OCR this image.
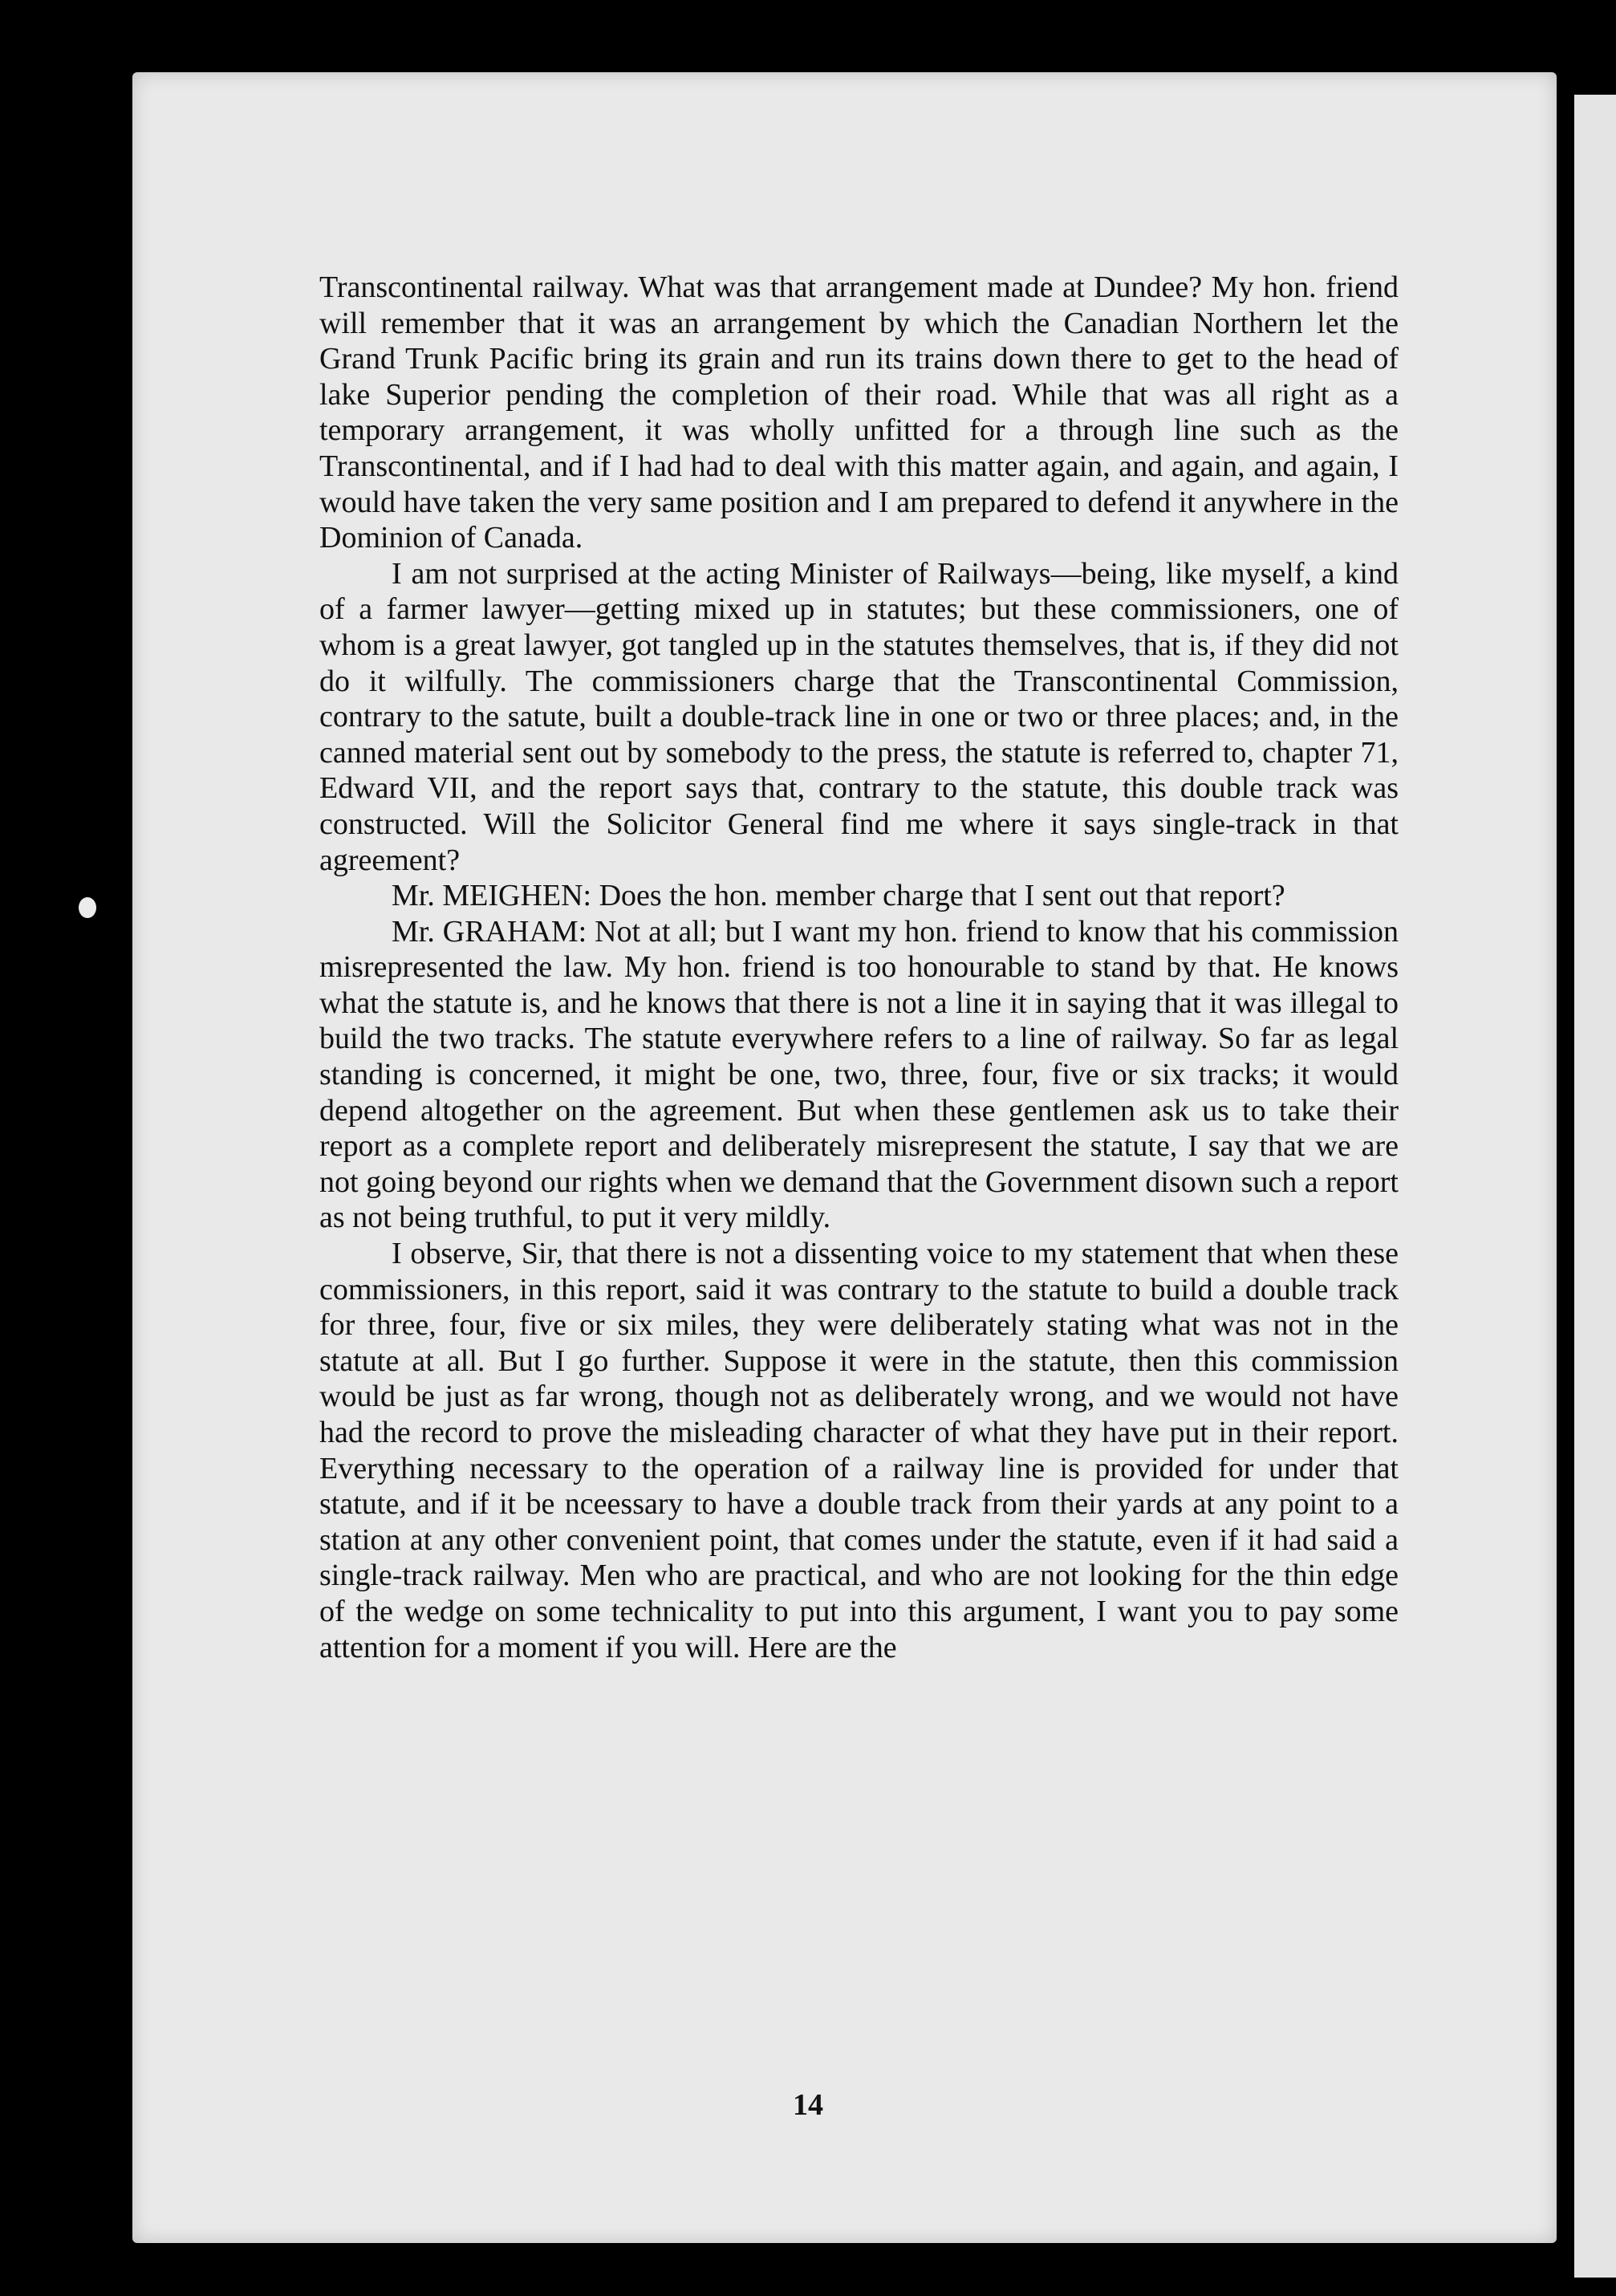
Transcontinental railway. What was that arrangement made at Dundee? My hon. friend will remember that it was an arrangement by which the Canadian Northern let the Grand Trunk Pacific bring its grain and run its trains down there to get to the head of lake Superior pending the completion of their road. While that was all right as a temporary arrangement, it was wholly unfitted for a through line such as the Transcontinental, and if I had had to deal with this matter again, and again, and again, I would have taken the very same position and I am prepared to defend it anywhere in the Dominion of Canada.

I am not surprised at the acting Minister of Railways—being, like myself, a kind of a farmer lawyer—getting mixed up in statutes; but these commissioners, one of whom is a great lawyer, got tangled up in the statutes themselves, that is, if they did not do it wilfully. The commissioners charge that the Transcontinental Commission, contrary to the satute, built a double-track line in one or two or three places; and, in the canned material sent out by somebody to the press, the statute is referred to, chapter 71, Edward VII, and the report says that, contrary to the statute, this double track was constructed. Will the Solicitor General find me where it says single-track in that agreement?

Mr. MEIGHEN: Does the hon. member charge that I sent out that report?

Mr. GRAHAM: Not at all; but I want my hon. friend to know that his commission misrepresented the law. My hon. friend is too honourable to stand by that. He knows what the statute is, and he knows that there is not a line it in saying that it was illegal to build the two tracks. The statute everywhere refers to a line of railway. So far as legal standing is concerned, it might be one, two, three, four, five or six tracks; it would depend altogether on the agreement. But when these gentlemen ask us to take their report as a complete report and deliberately misrepresent the statute, I say that we are not going beyond our rights when we demand that the Government disown such a report as not being truthful, to put it very mildly.

I observe, Sir, that there is not a dissenting voice to my statement that when these commissioners, in this report, said it was contrary to the statute to build a double track for three, four, five or six miles, they were deliberately stating what was not in the statute at all. But I go further. Suppose it were in the statute, then this commission would be just as far wrong, though not as deliberately wrong, and we would not have had the record to prove the misleading character of what they have put in their report. Everything necessary to the operation of a railway line is provided for under that statute, and if it be nceessary to have a double track from their yards at any point to a station at any other convenient point, that comes under the statute, even if it had said a single-track railway. Men who are practical, and who are not looking for the thin edge of the wedge on some technicality to put into this argument, I want you to pay some attention for a moment if you will. Here are the

14
